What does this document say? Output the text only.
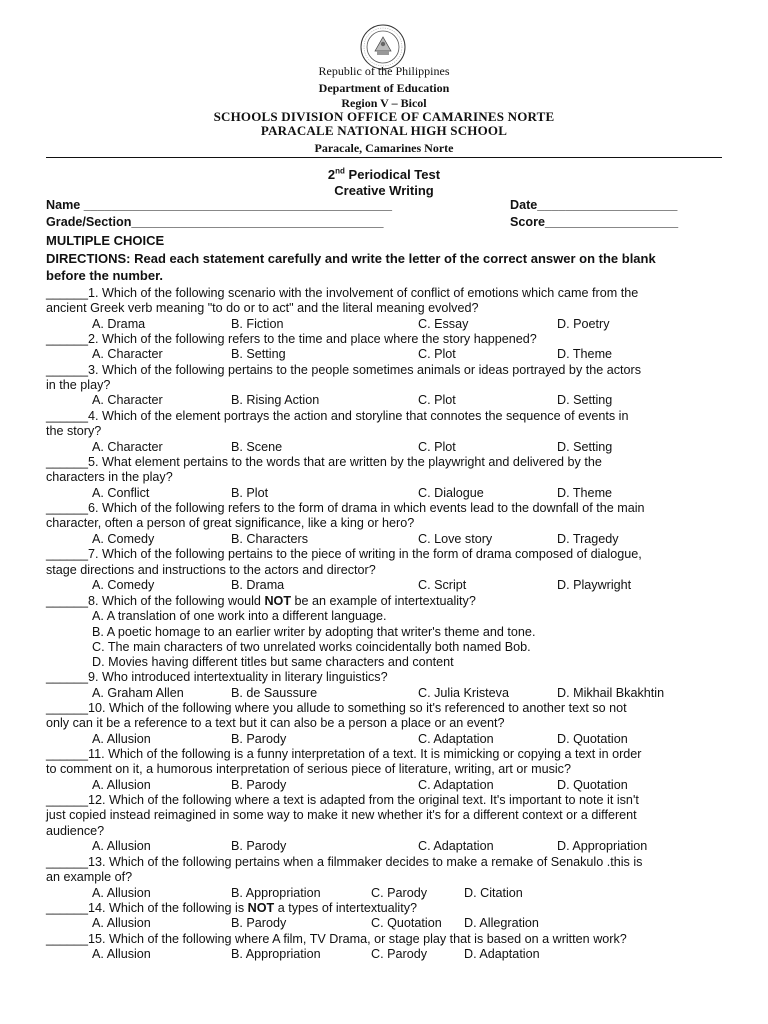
Republic of the Philippines
Department of Education
Region V – Bicol
SCHOOLS DIVISION OFFICE OF CAMARINES NORTE
PARACALE NATIONAL HIGH SCHOOL
Paracale, Camarines Norte
2nd Periodical Test
Creative Writing
Name ____________________________________________	Date____________________
Grade/Section____________________________________	Score___________________
MULTIPLE CHOICE
DIRECTIONS: Read each statement carefully and write the letter of the correct answer on the blank
before the number.
______1. Which of the following scenario with the involvement of conflict of emotions which came from the
ancient Greek verb meaning "to do or to act" and the literal meaning evolved?
A. Drama	B. Fiction	C. Essay	D. Poetry
______2. Which of the following refers to the time and place where the story happened?
A. Character	B. Setting	C. Plot	D. Theme
______3. Which of the following pertains to the people sometimes animals or ideas portrayed by the actors
in the play?
A. Character	B. Rising Action	C. Plot	D. Setting
______4. Which of the element portrays the action and storyline that connotes the sequence of events in
the story?
A. Character	B. Scene	C. Plot	D. Setting
______5. What element pertains to the words that are written by the playwright and delivered by the
characters in the play?
A. Conflict	B. Plot	C. Dialogue	D. Theme
______6. Which of the following refers to the form of drama in which events lead to the downfall of the main
character, often a person of great significance, like a king or hero?
A. Comedy	B. Characters	C. Love story	D. Tragedy
______7. Which of the following pertains to the piece of writing in the form of drama composed of dialogue,
stage directions and instructions to the actors and director?
A. Comedy	B. Drama	C. Script	D. Playwright
______8. Which of the following would NOT be an example of intertextuality?
A. A translation of one work into a different language.
B. A poetic homage to an earlier writer by adopting that writer's theme and tone.
C. The main characters of two unrelated works coincidentally both named Bob.
D. Movies having different titles but same characters and content
______9. Who introduced intertextuality in literary linguistics?
A. Graham Allen	B. de Saussure	C. Julia Kristeva	D. Mikhail Bkakhtin
______10. Which of the following where you allude to something so it's referenced to another text so not
only can it be a reference to a text but it can also be a person a place or an event?
A. Allusion	B. Parody	C. Adaptation	D. Quotation
______11. Which of the following is a funny interpretation of a text. It is mimicking or copying a text in order
to comment on it, a humorous interpretation of serious piece of literature, writing, art or music?
A. Allusion	B. Parody	C. Adaptation	D. Quotation
______12. Which of the following where a text is adapted from the original text. It's important to note it isn't
just copied instead reimagined in some way to make it new whether it's for a different context or a different
audience?
A. Allusion	B. Parody	C. Adaptation	D. Appropriation
______13. Which of the following pertains when a filmmaker decides to make a remake of Senakulo .this is
an example of?
A. Allusion	B. Appropriation	C. Parody	D. Citation
______14. Which of the following is NOT a types of intertextuality?
A. Allusion	B. Parody	C. Quotation D. Allegration
______15. Which of the following where A film, TV Drama, or stage play that is based on a written work?
A. Allusion	B. Appropriation	C. Parody	D. Adaptation
